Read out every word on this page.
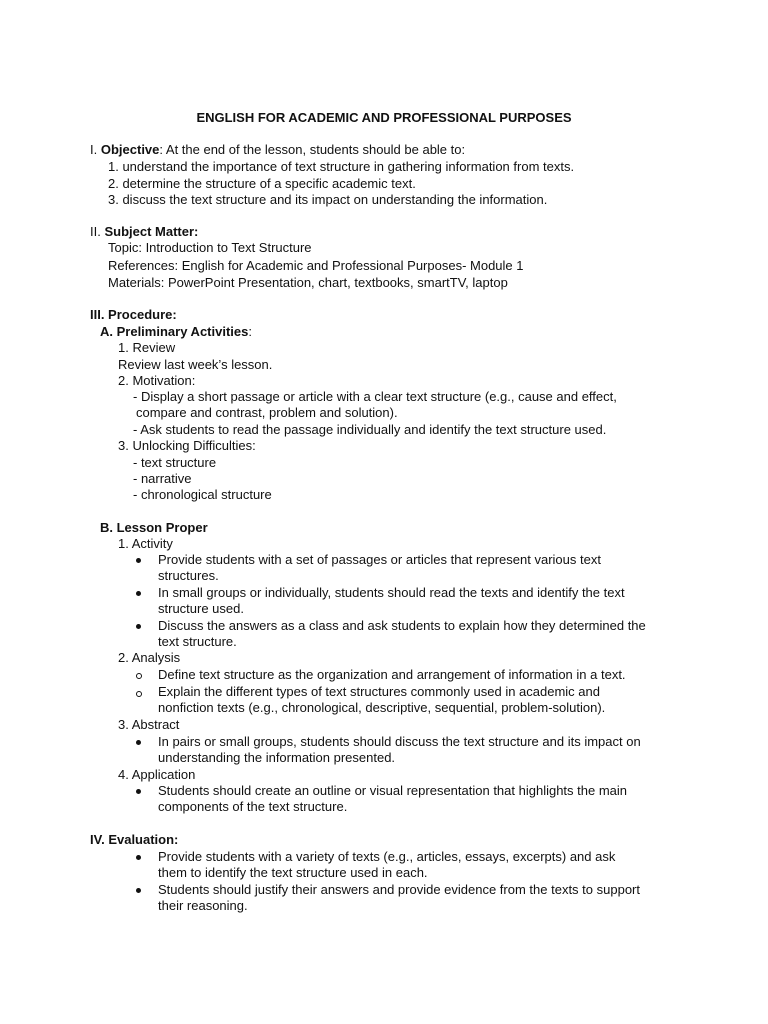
ENGLISH FOR ACADEMIC AND PROFESSIONAL PURPOSES
I. Objective: At the end of the lesson, students should be able to:
1. understand the importance of text structure in gathering information from texts.
2. determine the structure of a specific academic text.
3. discuss the text structure and its impact on understanding the information.
II. Subject Matter:
Topic: Introduction to Text Structure
References: English for Academic and Professional Purposes- Module 1
Materials: PowerPoint Presentation, chart, textbooks, smartTV, laptop
III. Procedure:
A. Preliminary Activities:
1. Review
Review last week’s lesson.
2. Motivation:
- Display a short passage or article with a clear text structure (e.g., cause and effect,
compare and contrast, problem and solution).
- Ask students to read the passage individually and identify the text structure used.
3. Unlocking Difficulties:
- text structure
- narrative
- chronological structure
B. Lesson Proper
1. Activity
Provide students with a set of passages or articles that represent various text
structures.
In small groups or individually, students should read the texts and identify the text
structure used.
Discuss the answers as a class and ask students to explain how they determined the
text structure.
2. Analysis
Define text structure as the organization and arrangement of information in a text.
Explain the different types of text structures commonly used in academic and
nonfiction texts (e.g., chronological, descriptive, sequential, problem-solution).
3. Abstract
In pairs or small groups, students should discuss the text structure and its impact on
understanding the information presented.
4. Application
Students should create an outline or visual representation that highlights the main
components of the text structure.
IV. Evaluation:
Provide students with a variety of texts (e.g., articles, essays, excerpts) and ask
them to identify the text structure used in each.
Students should justify their answers and provide evidence from the texts to support
their reasoning.
